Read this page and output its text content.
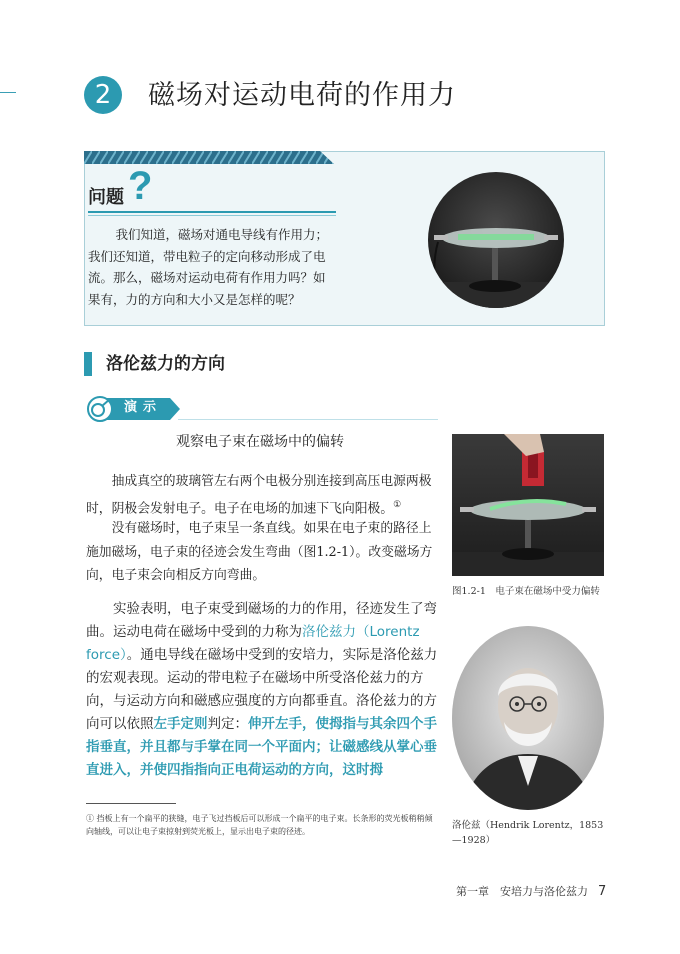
2	磁场对运动电荷的作用力
问题 ?

我们知道，磁场对通电导线有作用力；

我们还知道，带电粒子的定向移动形成了电

流。那么，磁场对运动电荷有作用力吗？如

果有，力的方向和大小又是怎样的呢？

洛伦兹力的方向
演示
观察电子束在磁场中的偏转

抽成真空的玻璃管左右两个电极分别连接到高压电源两极时，阴极会发射电子。电子在电场的加速下飞向阳极。①

没有磁场时，电子束呈一条直线。如果在电子束的路径上施加磁场，电子束的径迹会发生弯曲（图1.2-1）。改变磁场方向，电子束会向相反方向弯曲。

图1.2-1　电子束在磁场中受力偏转

实验表明，电子束受到磁场的力的作用，径迹发生了弯曲。运动电荷在磁场中受到的力称为洛伦兹力（Lorentz force）。通电导线在磁场中受到的安培力，实际是洛伦兹力的宏观表现。运动的带电粒子在磁场中所受洛伦兹力的方向，与运动方向和磁感应强度的方向都垂直。洛伦兹力的方向可以依照左手定则判定：伸开左手，使拇指与其余四个手指垂直，并且都与手掌在同一个平面内；让磁感线从掌心垂直进入，并使四指指向正电荷运动的方向，这时拇

洛伦兹（Hendrik Lorentz，1853—1928）
① 挡板上有一个扁平的狭缝，电子飞过挡板后可以形成一个扁平的电子束。长条形的荧光板稍稍倾向轴线，可以让电子束掠射到荧光板上，显示出电子束的径迹。
第一章　安培力与洛伦兹力 7
